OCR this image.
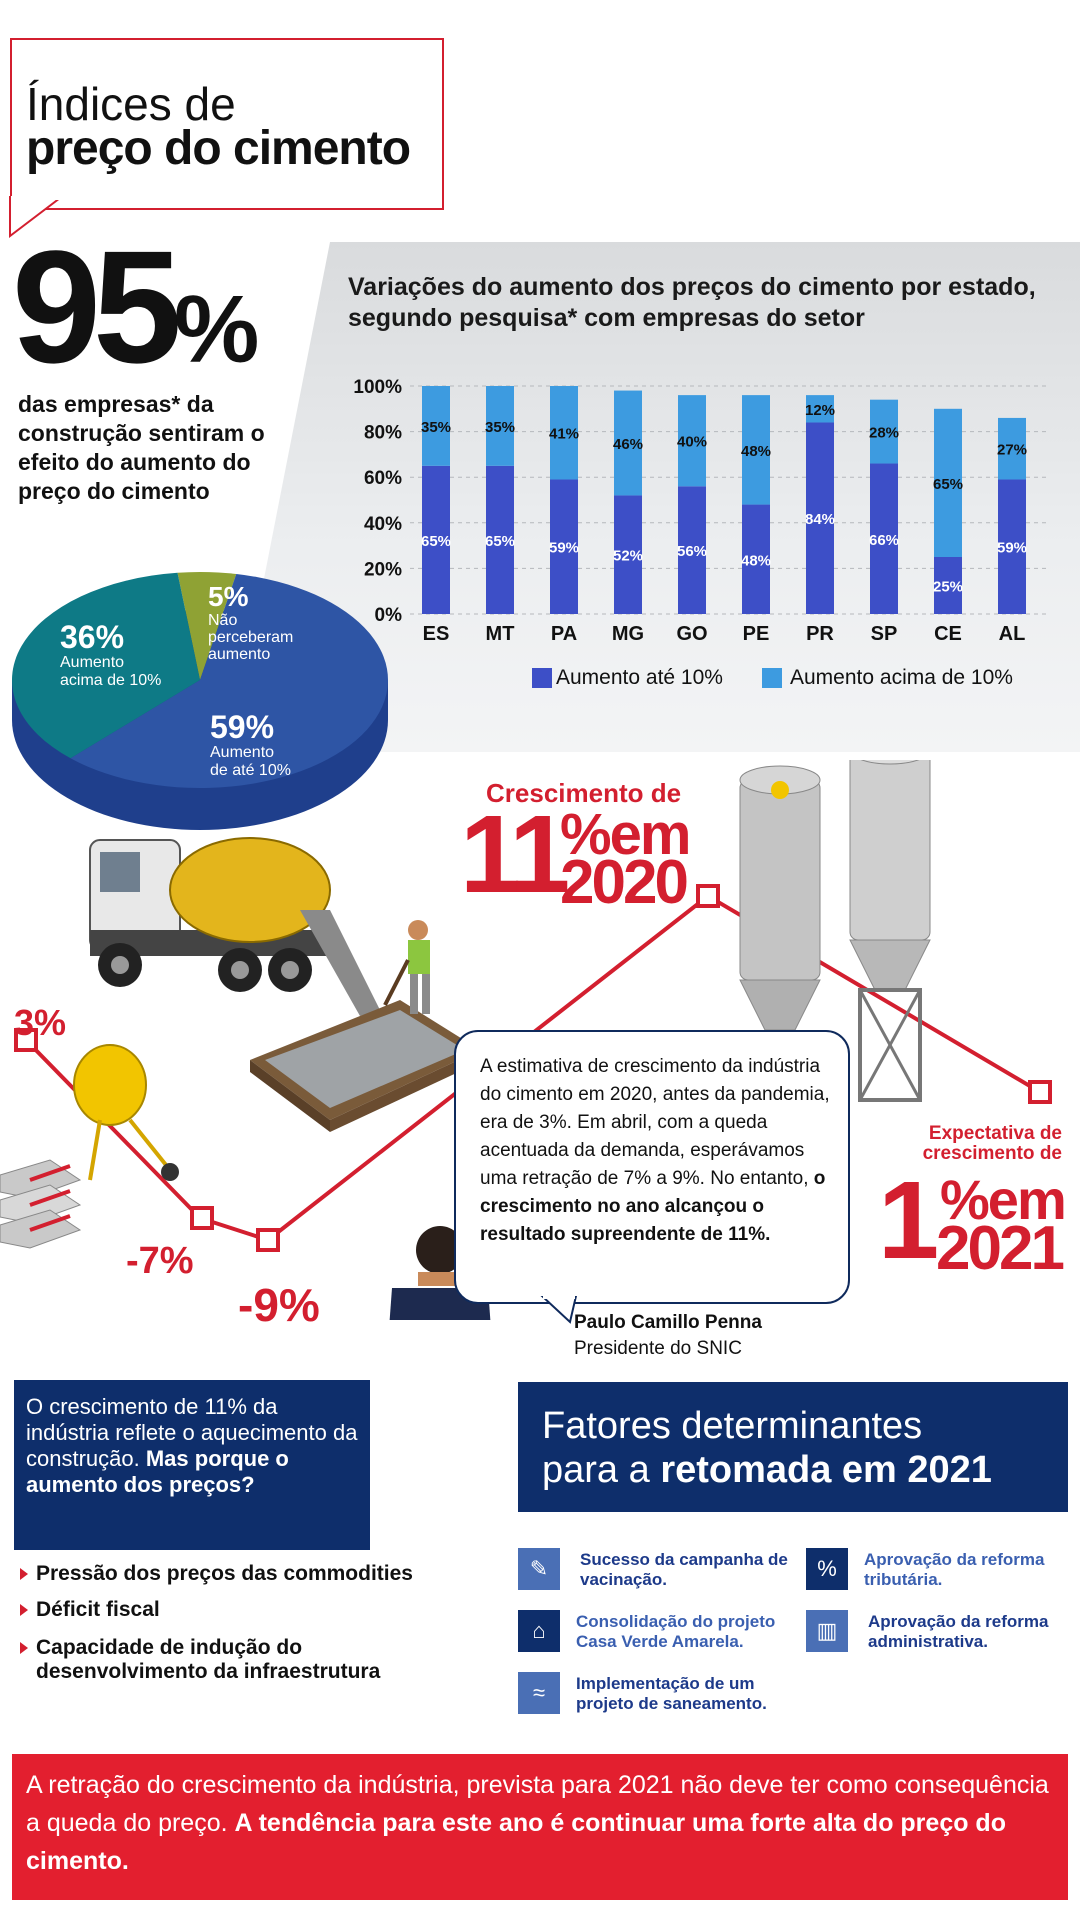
Índices de
preço do cimento
95%
das empresas* da construção sentiram o efeito do aumento do preço do cimento
36%
Aumento
acima de 10%
5%
Não
perceberam
aumento
59%
Aumento
de até 10%
Variações do aumento dos preços do cimento por estado, segundo pesquisa* com empresas do setor
0%
20%
40%
60%
80%
100%
65%
35%
ES
65%
35%
MT
59%
41%
PA
52%
46%
MG
56%
40%
GO
48%
48%
PE
84%
12%
PR
66%
28%
SP
25%
65%
CE
59%
27%
AL
Aumento até 10%	Aumento acima de 10%
3%
-7%
-9%
Crescimento de
11
%em
2020
Expectativa de
crescimento de
1 %em
2021
A estimativa de crescimento da indústria do cimento em 2020, antes da pandemia, era de 3%. Em abril, com a queda acentuada da demanda, esperávamos uma retração de 7% a 9%. No entanto, o crescimento no ano alcançou o resultado supreendente de 11%.
Paulo Camillo Penna
Presidente do SNIC
O crescimento de 11% da indústria reflete o aquecimento da construção. Mas porque o aumento dos preços?
Pressão dos preços das commodities
Déficit fiscal
Capacidade de indução do desenvolvimento da infraestrutura
Fatores determinantes
para a retomada em 2021
✎	Sucesso da campanha de vacinação.	%	Aprovação da reforma tributária.
⌂	Consolidação do projeto Casa Verde Amarela.	▥	Aprovação da reforma administrativa.
≈	Implementação de um projeto de saneamento.
A retração do crescimento da indústria, prevista para 2021 não deve ter como consequência a queda do preço. A tendência para este ano é continuar uma forte alta do preço do cimento.
